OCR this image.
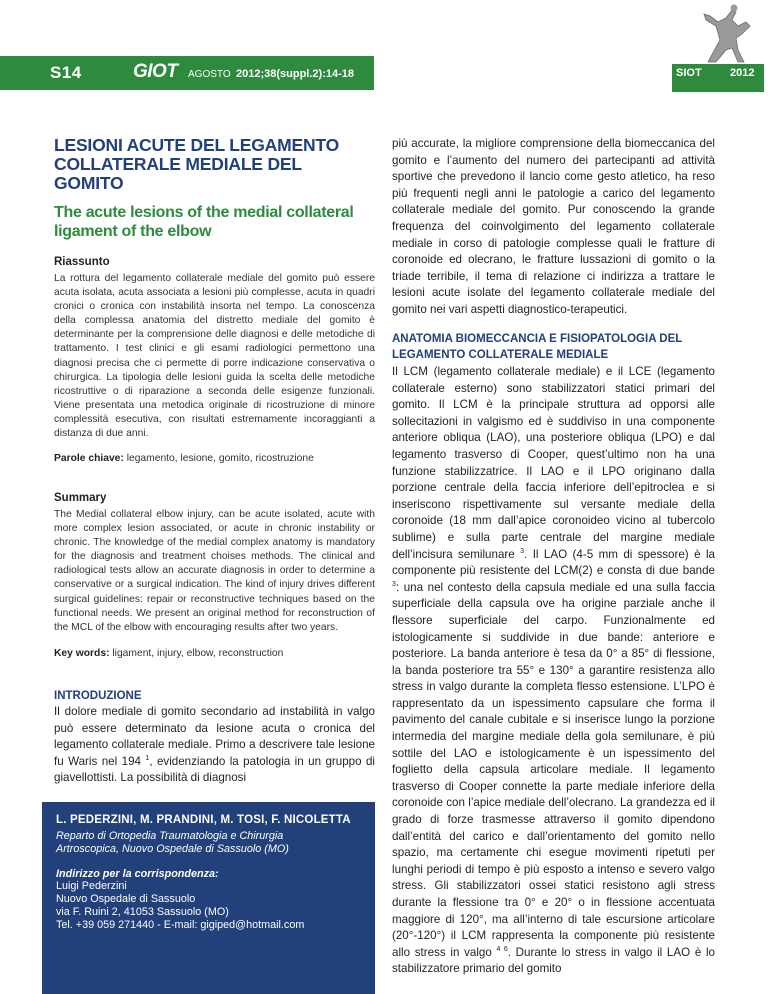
S14	GIOT AGOSTO 2012;38(suppl.2):14-18	SIOT	2012
LESIONI ACUTE DEL LEGAMENTO COLLATERALE MEDIALE DEL GOMITO
The acute lesions of the medial collateral ligament of the elbow
Riassunto
La rottura del legamento collaterale mediale del gomito può essere acuta isolata, acuta associata a lesioni più complesse, acuta in quadri cronici o cronica con instabilità insorta nel tempo. La conoscenza della complessa anatomia del distretto mediale del gomito è determinante per la comprensione delle diagnosi e delle metodiche di trattamento. I test clinici e gli esami radiologici permettono una diagnosi precisa che ci permette di porre indicazione conservativa o chirurgica. La tipologia delle lesioni guida la scelta delle metodiche ricostruttive o di riparazione a seconda delle esigenze funzionali. Viene presentata una metodica originale di ricostruzione di minore complessità esecutiva, con risultati estremamente incoraggianti a distanza di due anni.
Parole chiave: legamento, lesione, gomito, ricostruzione
Summary
The Medial collateral elbow injury, can be acute isolated, acute with more complex lesion associated, or acute in chronic instability or chronic. The knowledge of the medial complex anatomy is mandatory for the diagnosis and treatment choises methods. The clinical and radiological tests allow an accurate diagnosis in order to determine a conservative or a surgical indication. The kind of injury drives different surgical guidelines: repair or reconstructive techniques based on the functional needs. We present an original method for reconstruction of the MCL of the elbow with encouraging results after two years.
Key words: ligament, injury, elbow, reconstruction
INTRODUZIONE
Il dolore mediale di gomito secondario ad instabilità in valgo può essere determinato da lesione acuta o cronica del legamento collaterale mediale. Primo a descrivere tale lesione fu Waris nel 194 $^1$, evidenziando la patologia in un gruppo di giavellottisti. La possibilità di diagnosi
L. PEDERZINI, M. PRANDINI, M. TOSI, F. NICOLETTA
Reparto di Ortopedia Traumatologia e Chirurgia
Artroscopica, Nuovo Ospedale di Sassuolo (MO)
Indirizzo per la corrispondenza:
Luigi Pederzini
Nuovo Ospedale di Sassuolo
via F. Ruini 2, 41053 Sassuolo (MO)
Tel. +39 059 271440 - E-mail: gigiped@hotmail.com
più accurate, la migliore comprensione della biomeccanica del gomito e l’aumento del numero dei partecipanti ad attività sportive che prevedono il lancio come gesto atletico, ha reso più frequenti negli anni le patologie a carico del legamento collaterale mediale del gomito. Pur conoscendo la grande frequenza del coinvolgimento del legamento collaterale mediale in corso di patologie complesse quali le fratture di coronoide ed olecrano, le fratture lussazioni di gomito o la triade terribile, il tema di relazione ci indirizza a trattare le lesioni acute isolate del legamento collaterale mediale del gomito nei vari aspetti diagnostico-terapeutici.
ANATOMIA BIOMECCANCIA E FISIOPATOLOGIA DEL LEGAMENTO COLLATERALE MEDIALE
Il LCM (legamento collaterale mediale) e il LCE (legamento collaterale esterno) sono stabilizzatori statici primari del gomito. Il LCM è la principale struttura ad opporsi alle sollecitazioni in valgismo ed è suddiviso in una componente anteriore obliqua (LAO), una posteriore obliqua (LPO) e dal legamento trasverso di Cooper, quest’ultimo non ha una funzione stabilizzatrice. Il LAO e il LPO originano dalla porzione centrale della faccia inferiore dell’epitroclea e si inseriscono rispettivamente sul versante mediale della coronoide (18 mm dall’apice coronoideo vicino al tubercolo sublime) e sulla parte centrale del margine mediale dell’incisura semilunare $^3$. Il LAO (4-5 mm di spessore) è la componente più resistente del LCM(2) e consta di due bande $^3$: una nel contesto della capsula mediale ed una sulla faccia superficiale della capsula ove ha origine parziale anche il flessore superficiale del carpo. Funzionalmente ed istologicamente si suddivide in due bande: anteriore e posteriore. La banda anteriore è tesa da 0° a 85° di flessione, la banda posteriore tra 55° e 130° a garantire resistenza allo stress in valgo durante la completa flesso estensione. L’LPO è rappresentato da un ispessimento capsulare che forma il pavimento del canale cubitale e si inserisce lungo la porzione intermedia del margine mediale della gola semilunare, è più sottile del LAO e istologicamente è un ispessimento del foglietto della capsula articolare mediale. Il legamento trasverso di Cooper connette la parte mediale inferiore della coronoide con l’apice mediale dell’olecrano. La grandezza ed il grado di forze trasmesse attraverso il gomito dipendono dall’entità del carico e dall’orientamento del gomito nello spazio, ma certamente chi esegue movimenti ripetuti per lunghi periodi di tempo è più esposto a intenso e severo valgo stress. Gli stabilizzatori ossei statici resistono agli stress durante la flessione tra 0° e 20° o in flessione accentuata maggiore di 120°, ma all’interno di tale escursione articolare (20°-120°) il LCM rappresenta la componente più resistente allo stress in valgo $^{4 6}$. Durante lo stress in valgo il LAO è lo stabilizzatore primario del gomito
